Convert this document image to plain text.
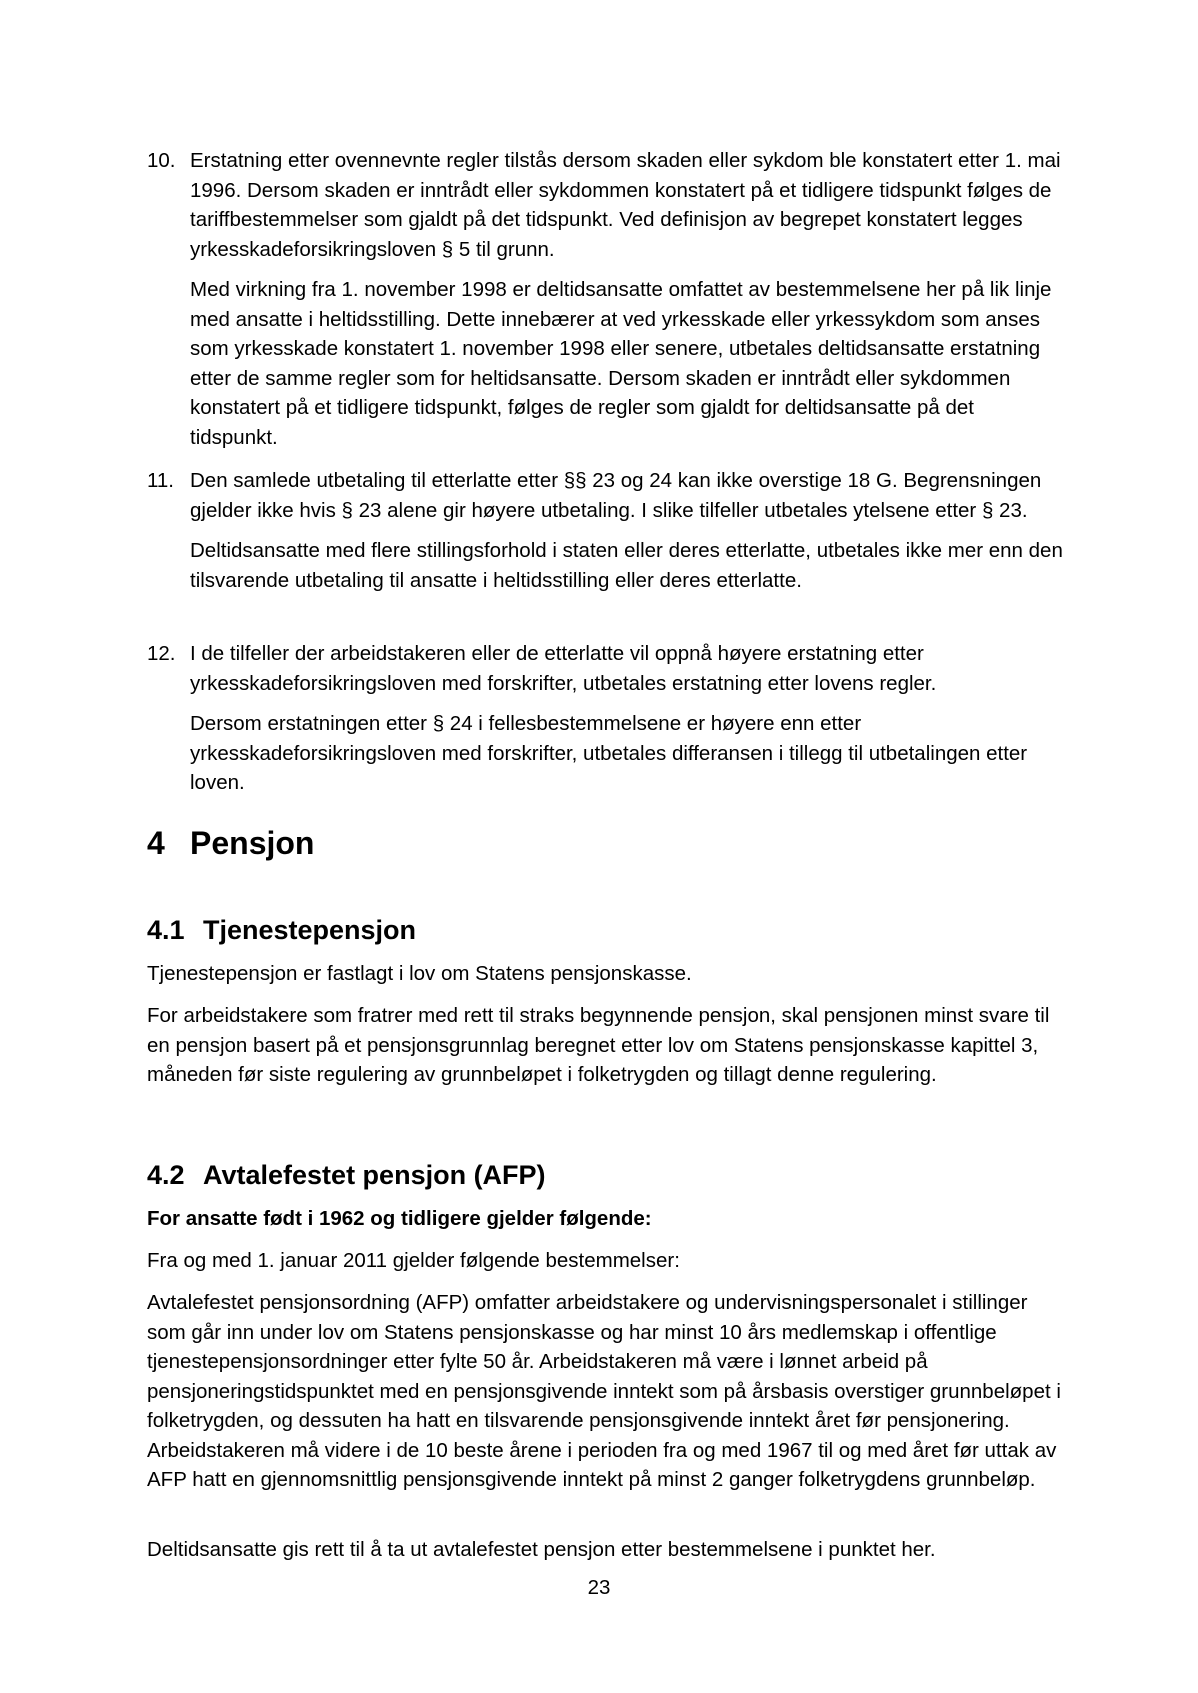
10. Erstatning etter ovennevnte regler tilstås dersom skaden eller sykdom ble konstatert etter 1. mai 1996. Dersom skaden er inntrådt eller sykdommen konstatert på et tidligere tidspunkt følges de tariffbestemmelser som gjaldt på det tidspunkt. Ved definisjon av begrepet konstatert legges yrkesskadeforsikringsloven § 5 til grunn.

Med virkning fra 1. november 1998 er deltidsansatte omfattet av bestemmelsene her på lik linje med ansatte i heltidsstilling. Dette innebærer at ved yrkesskade eller yrkessykdom som anses som yrkesskade konstatert 1. november 1998 eller senere, utbetales deltidsansatte erstatning etter de samme regler som for heltidsansatte. Dersom skaden er inntrådt eller sykdommen konstatert på et tidligere tidspunkt, følges de regler som gjaldt for deltidsansatte på det tidspunkt.

11. Den samlede utbetaling til etterlatte etter §§ 23 og 24 kan ikke overstige 18 G. Begrensningen gjelder ikke hvis § 23 alene gir høyere utbetaling. I slike tilfeller utbetales ytelsene etter § 23.

Deltidsansatte med flere stillingsforhold i staten eller deres etterlatte, utbetales ikke mer enn den tilsvarende utbetaling til ansatte i heltidsstilling eller deres etterlatte.

12. I de tilfeller der arbeidstakeren eller de etterlatte vil oppnå høyere erstatning etter yrkesskadeforsikringsloven med forskrifter, utbetales erstatning etter lovens regler.

Dersom erstatningen etter § 24 i fellesbestemmelsene er høyere enn etter yrkesskadeforsikringsloven med forskrifter, utbetales differansen i tillegg til utbetalingen etter loven.

4 Pensjon
4.1 Tjenestepensjon

Tjenestepensjon er fastlagt i lov om Statens pensjonskasse.

For arbeidstakere som fratrer med rett til straks begynnende pensjon, skal pensjonen minst svare til en pensjon basert på et pensjonsgrunnlag beregnet etter lov om Statens pensjonskasse kapittel 3, måneden før siste regulering av grunnbeløpet i folketrygden og tillagt denne regulering.

4.2 Avtalefestet pensjon (AFP)

For ansatte født i 1962 og tidligere gjelder følgende:

Fra og med 1. januar 2011 gjelder følgende bestemmelser:

Avtalefestet pensjonsordning (AFP) omfatter arbeidstakere og undervisningspersonalet i stillinger som går inn under lov om Statens pensjonskasse og har minst 10 års medlemskap i offentlige tjenestepensjonsordninger etter fylte 50 år. Arbeidstakeren må være i lønnet arbeid på pensjoneringstidspunktet med en pensjonsgivende inntekt som på årsbasis overstiger grunnbeløpet i folketrygden, og dessuten ha hatt en tilsvarende pensjonsgivende inntekt året før pensjonering. Arbeidstakeren må videre i de 10 beste årene i perioden fra og med 1967 til og med året før uttak av AFP hatt en gjennomsnittlig pensjonsgivende inntekt på minst 2 ganger folketrygdens grunnbeløp.

Deltidsansatte gis rett til å ta ut avtalefestet pensjon etter bestemmelsene i punktet her.

23
